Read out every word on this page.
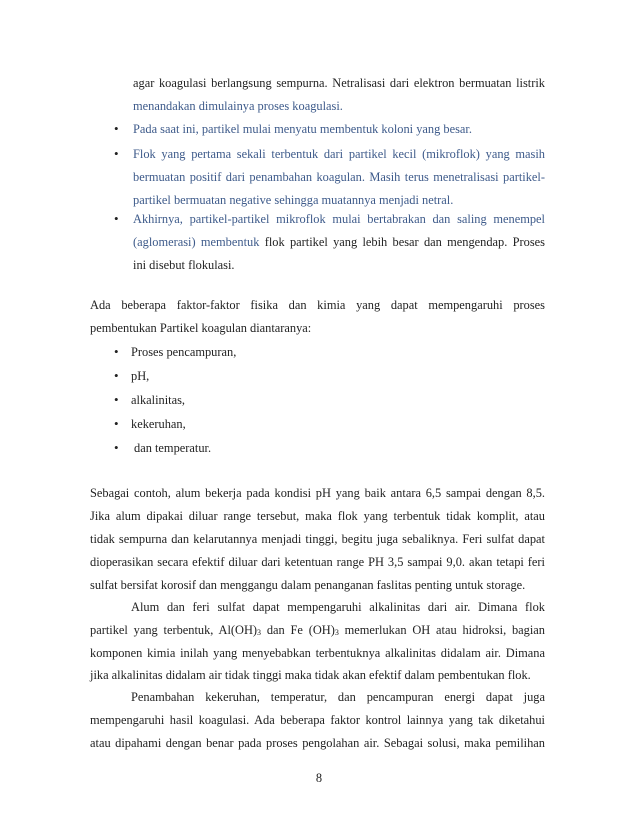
agar koagulasi berlangsung sempurna. Netralisasi dari elektron bermuatan listrik
menandakan dimulainya proses koagulasi.
• Pada saat ini, partikel mulai menyatu membentuk koloni yang besar.
• Flok yang pertama sekali terbentuk dari partikel kecil (mikroflok) yang masih
bermuatan positif dari penambahan koagulan. Masih terus menetralisasi partikel-
partikel bermuatan negative sehingga muatannya menjadi netral.
• Akhirnya, partikel-partikel mikroflok mulai bertabrakan dan saling menempel
(aglomerasi) membentuk flok partikel yang lebih besar dan mengendap. Proses
ini disebut flokulasi.
Ada beberapa faktor-faktor fisika dan kimia yang dapat mempengaruhi proses
pembentukan Partikel koagulan diantaranya:
• Proses pencampuran,
• pH,
• alkalinitas,
• kekeruhan,
• dan temperatur.
Sebagai contoh, alum bekerja pada kondisi pH yang baik antara 6,5 sampai dengan 8,5.
Jika alum dipakai diluar range tersebut, maka flok yang terbentuk tidak komplit, atau
tidak sempurna dan kelarutannya menjadi tinggi, begitu juga sebaliknya. Feri sulfat dapat
dioperasikan secara efektif diluar dari ketentuan range PH 3,5 sampai 9,0. akan tetapi feri
sulfat bersifat korosif dan menggangu dalam penanganan faslitas penting untuk storage.
Alum dan feri sulfat dapat mempengaruhi alkalinitas dari air. Dimana flok
partikel yang terbentuk, $Al(OH)_3$ dan Fe $(OH)_3$ memerlukan OH atau hidroksi, bagian
komponen kimia inilah yang menyebabkan terbentuknya alkalinitas didalam air. Dimana
jika alkalinitas didalam air tidak tinggi maka tidak akan efektif dalam pembentukan flok.
Penambahan kekeruhan, temperatur, dan pencampuran energi dapat juga
mempengaruhi hasil koagulasi. Ada beberapa faktor kontrol lainnya yang tak diketahui
atau dipahami dengan benar pada proses pengolahan air. Sebagai solusi, maka pemilihan
8
